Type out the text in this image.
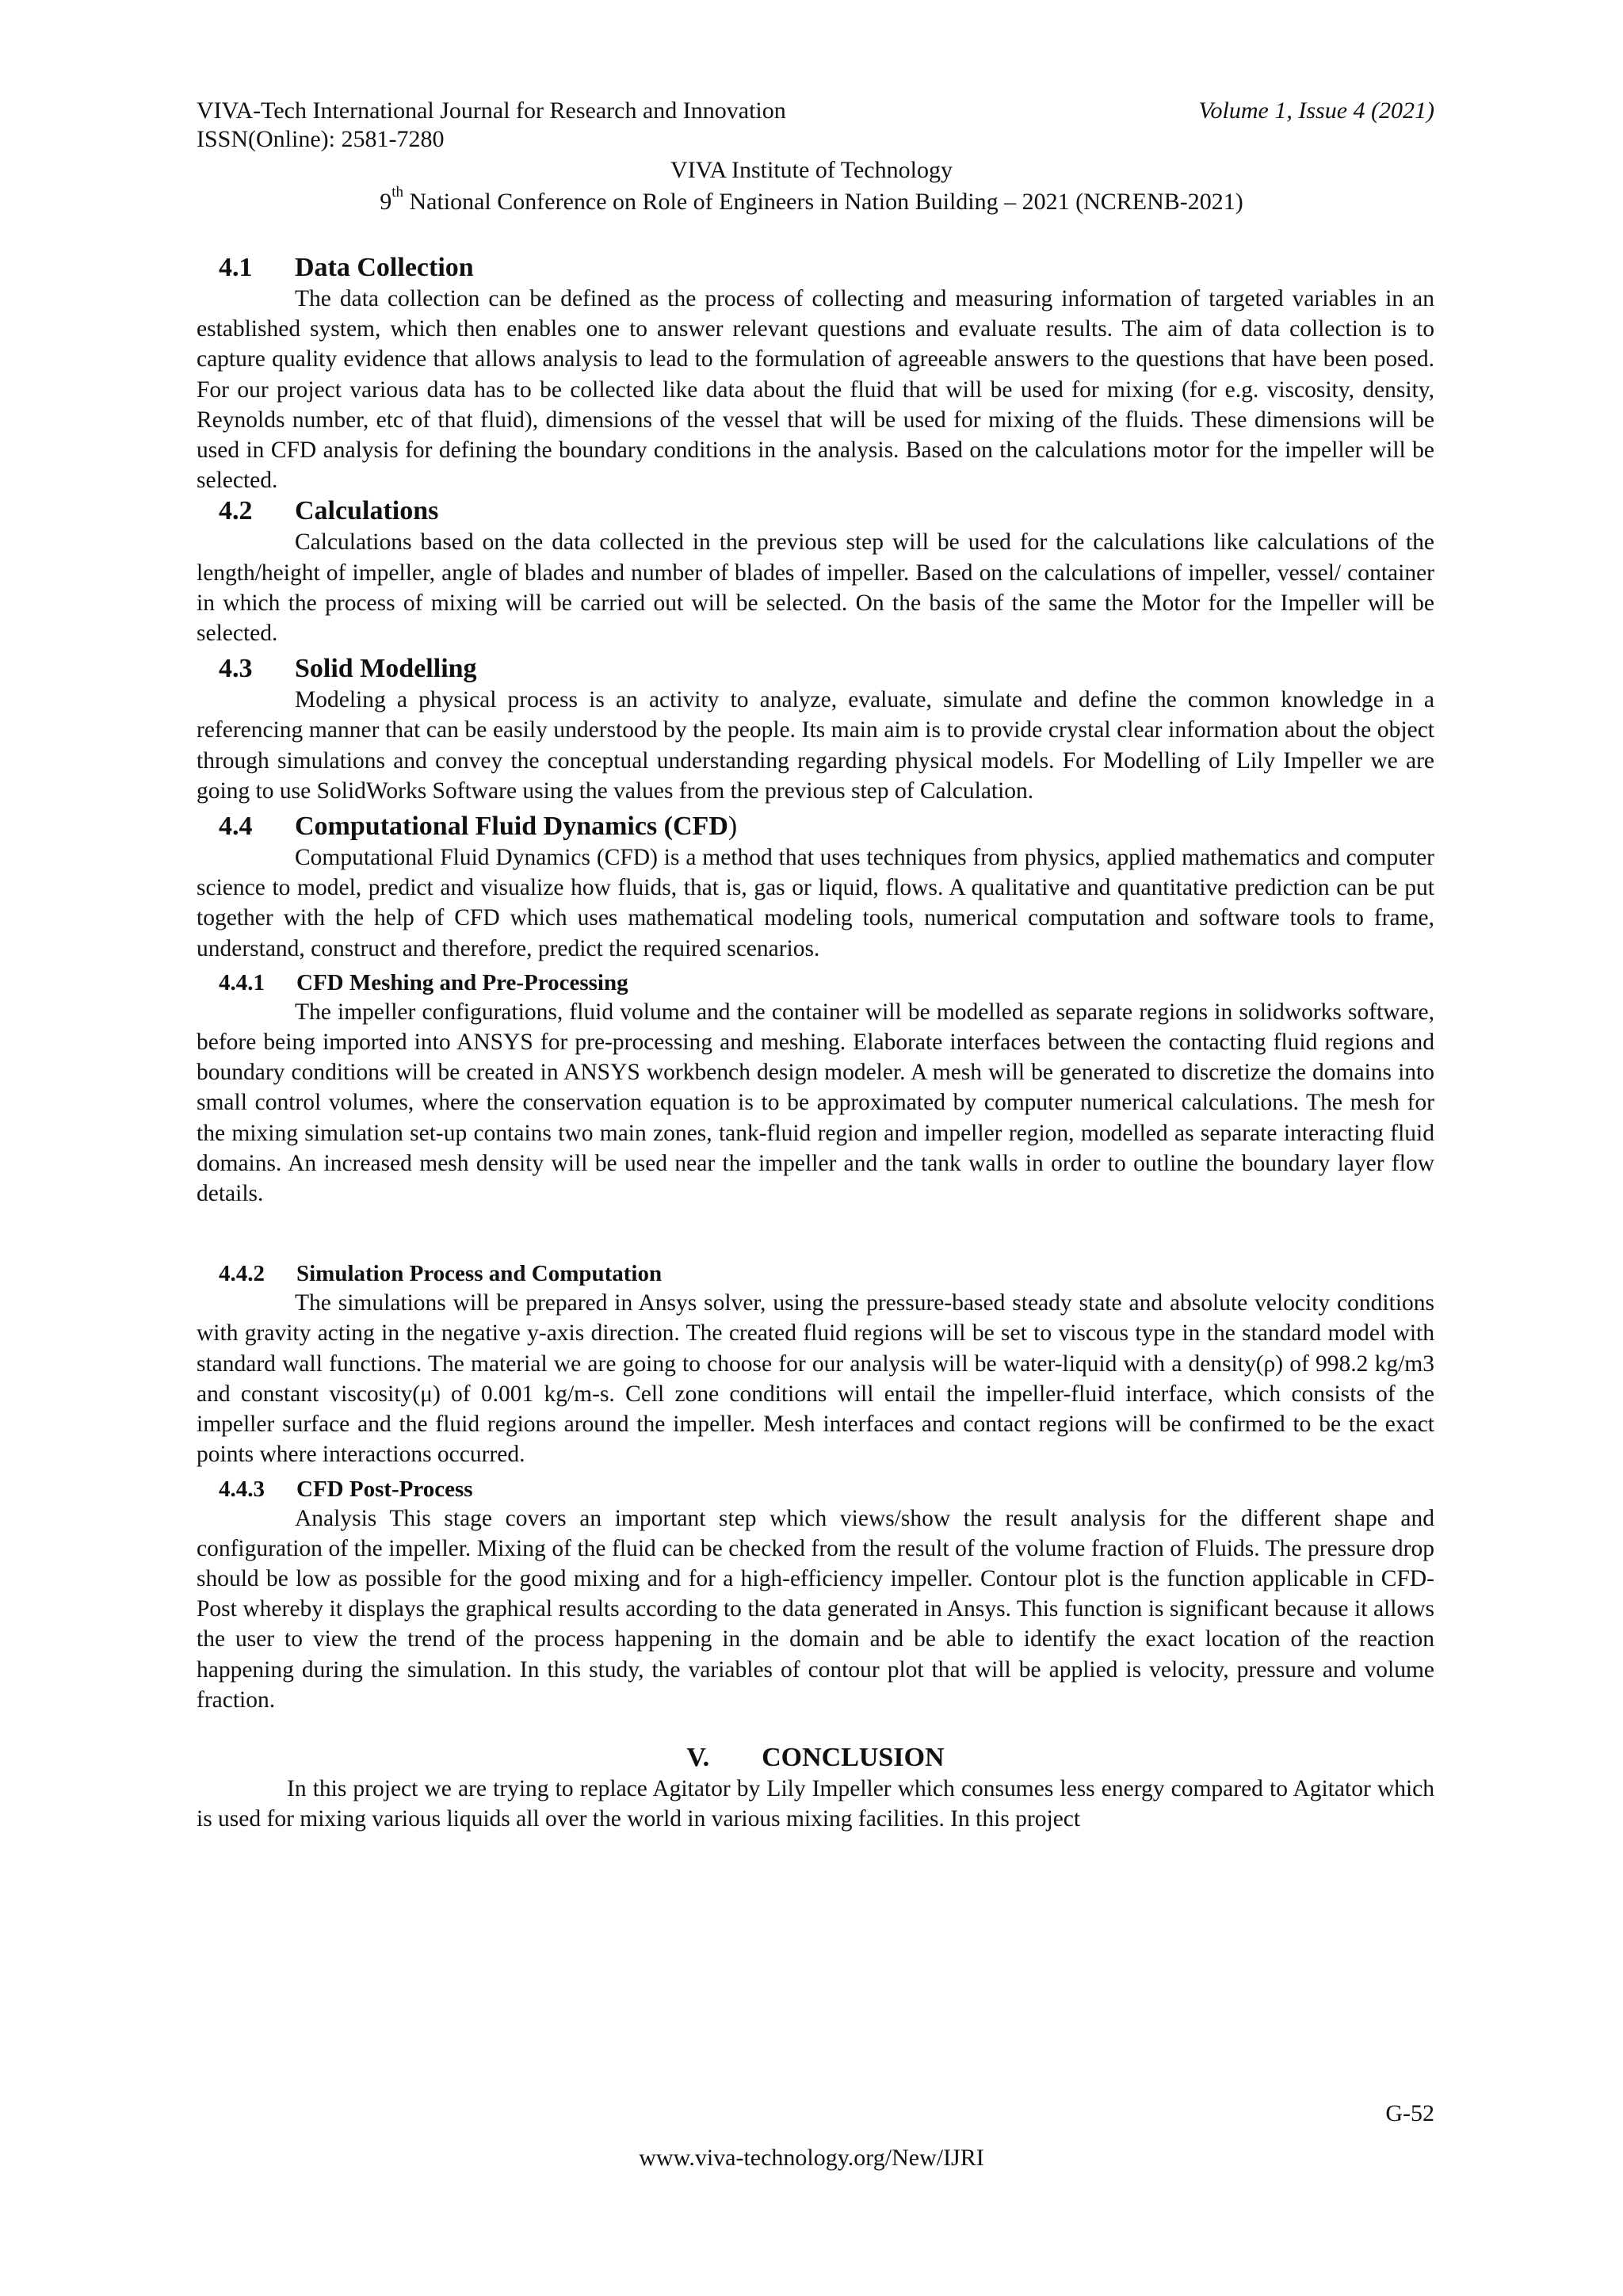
VIVA-Tech International Journal for Research and Innovation
ISSN(Online): 2581-7280
Volume 1, Issue 4 (2021)
VIVA Institute of Technology
9th National Conference on Role of Engineers in Nation Building – 2021 (NCRENB-2021)
4.1	Data Collection

The data collection can be defined as the process of collecting and measuring information of targeted variables in an established system, which then enables one to answer relevant questions and evaluate results. The aim of data collection is to capture quality evidence that allows analysis to lead to the formulation of agreeable answers to the questions that have been posed. For our project various data has to be collected like data about the fluid that will be used for mixing (for e.g. viscosity, density, Reynolds number, etc of that fluid), dimensions of the vessel that will be used for mixing of the fluids. These dimensions will be used in CFD analysis for defining the boundary conditions in the analysis. Based on the calculations motor for the impeller will be selected.

4.2	Calculations

Calculations based on the data collected in the previous step will be used for the calculations like calculations of the length/height of impeller, angle of blades and number of blades of impeller. Based on the calculations of impeller, vessel/ container in which the process of mixing will be carried out will be selected. On the basis of the same the Motor for the Impeller will be selected.

4.3	Solid Modelling

Modeling a physical process is an activity to analyze, evaluate, simulate and define the common knowledge in a referencing manner that can be easily understood by the people. Its main aim is to provide crystal clear information about the object through simulations and convey the conceptual understanding regarding physical models. For Modelling of Lily Impeller we are going to use SolidWorks Software using the values from the previous step of Calculation.

4.4	Computational Fluid Dynamics (CFD )

Computational Fluid Dynamics (CFD) is a method that uses techniques from physics, applied mathematics and computer science to model, predict and visualize how fluids, that is, gas or liquid, flows. A qualitative and quantitative prediction can be put together with the help of CFD which uses mathematical modeling tools, numerical computation and software tools to frame, understand, construct and therefore, predict the required scenarios.

4.4.1	CFD Meshing and Pre-Processing

The impeller configurations, fluid volume and the container will be modelled as separate regions in solidworks software, before being imported into ANSYS for pre-processing and meshing. Elaborate interfaces between the contacting fluid regions and boundary conditions will be created in ANSYS workbench design modeler. A mesh will be generated to discretize the domains into small control volumes, where the conservation equation is to be approximated by computer numerical calculations. The mesh for the mixing simulation set-up contains two main zones, tank-fluid region and impeller region, modelled as separate interacting fluid domains. An increased mesh density will be used near the impeller and the tank walls in order to outline the boundary layer flow details.

4.4.2	Simulation Process and Computation

The simulations will be prepared in Ansys solver, using the pressure-based steady state and absolute velocity conditions with gravity acting in the negative y-axis direction. The created fluid regions will be set to viscous type in the standard model with standard wall functions. The material we are going to choose for our analysis will be water-liquid with a density(ρ) of 998.2 kg/m3 and constant viscosity(μ) of 0.001 kg/m-s. Cell zone conditions will entail the impeller-fluid interface, which consists of the impeller surface and the fluid regions around the impeller. Mesh interfaces and contact regions will be confirmed to be the exact points where interactions occurred.

4.4.3	CFD Post-Process

Analysis This stage covers an important step which views/show the result analysis for the different shape and configuration of the impeller. Mixing of the fluid can be checked from the result of the volume fraction of Fluids. The pressure drop should be low as possible for the good mixing and for a high-efficiency impeller. Contour plot is the function applicable in CFD-Post whereby it displays the graphical results according to the data generated in Ansys. This function is significant because it allows the user to view the trend of the process happening in the domain and be able to identify the exact location of the reaction happening during the simulation. In this study, the variables of contour plot that will be applied is velocity, pressure and volume fraction.

V. CONCLUSION

In this project we are trying to replace Agitator by Lily Impeller which consumes less energy compared to Agitator which is used for mixing various liquids all over the world in various mixing facilities. In this project

G-52
www.viva-technology.org/New/IJRI
